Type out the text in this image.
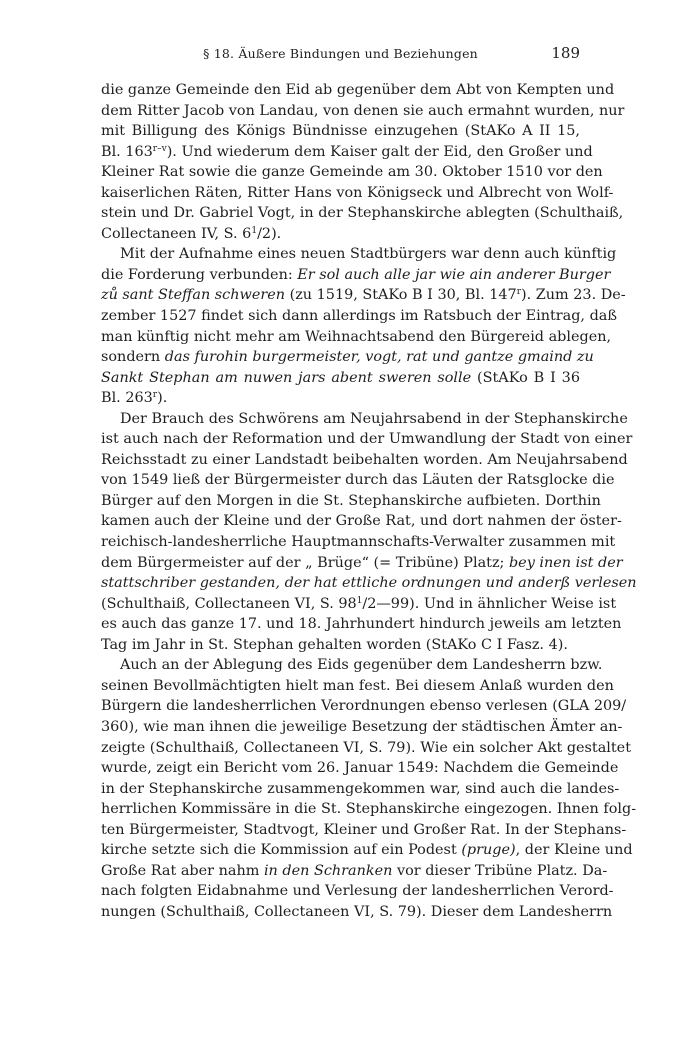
§ 18. Äußere Bindungen und Beziehungen	189

die ganze Gemeinde den Eid ab gegenüber dem Abt von Kempten und
dem Ritter Jacob von Landau, von denen sie auch ermahnt wurden, nur
mit Billigung des Königs Bündnisse einzugehen (StAKo A II 15,
Bl. 163$^{r-v}$). Und wiederum dem Kaiser galt der Eid, den Großer und
Kleiner Rat sowie die ganze Gemeinde am 30. Oktober 1510 vor den
kaiserlichen Räten, Ritter Hans von Königseck und Albrecht von Wolf-
stein und Dr. Gabriel Vogt, in der Stephanskirche ablegten (Schulthaiß,
Collectaneen IV, S. $6^1/2$).

Mit der Aufnahme eines neuen Stadtbürgers war denn auch künftig
die Forderung verbunden: Er sol auch alle jar wie ain anderer Burger
zů sant Steffan schweren (zu 1519, StAKo B I 30, Bl. 147$^r$). Zum 23. De-
zember 1527 findet sich dann allerdings im Ratsbuch der Eintrag, daß
man künftig nicht mehr am Weihnachtsabend den Bürgereid ablegen,
sondern das furohin burgermeister, vogt, rat und gantze gmaind zu
Sankt Stephan am nuwen jars abent sweren solle (StAKo B I 36
Bl. 263$^r$).

Der Brauch des Schwörens am Neujahrsabend in der Stephanskirche
ist auch nach der Reformation und der Umwandlung der Stadt von einer
Reichsstadt zu einer Landstadt beibehalten worden. Am Neujahrsabend
von 1549 ließ der Bürgermeister durch das Läuten der Ratsglocke die
Bürger auf den Morgen in die St. Stephanskirche aufbieten. Dorthin
kamen auch der Kleine und der Große Rat, und dort nahmen der öster-
reichisch-landesherrliche Hauptmannschafts-Verwalter zusammen mit
dem Bürgermeister auf der „ Brüge“ (= Tribüne) Platz; bey inen ist der
stattschriber gestanden, der hat ettliche ordnungen und anderß verlesen
(Schulthaiß, Collectaneen VI, S. $98^1/2—99$). Und in ähnlicher Weise ist
es auch das ganze 17. und 18. Jahrhundert hindurch jeweils am letzten
Tag im Jahr in St. Stephan gehalten worden (StAKo C I Fasz. 4).

Auch an der Ablegung des Eids gegenüber dem Landesherrn bzw.
seinen Bevollmächtigten hielt man fest. Bei diesem Anlaß wurden den
Bürgern die landesherrlichen Verordnungen ebenso verlesen (GLA 209/
360), wie man ihnen die jeweilige Besetzung der städtischen Ämter an-
zeigte (Schulthaiß, Collectaneen VI, S. 79). Wie ein solcher Akt gestaltet
wurde, zeigt ein Bericht vom 26. Januar 1549: Nachdem die Gemeinde
in der Stephanskirche zusammengekommen war, sind auch die landes-
herrlichen Kommissäre in die St. Stephanskirche eingezogen. Ihnen folg-
ten Bürgermeister, Stadtvogt, Kleiner und Großer Rat. In der Stephans-
kirche setzte sich die Kommission auf ein Podest (pruge), der Kleine und
Große Rat aber nahm in den Schranken vor dieser Tribüne Platz. Da-
nach folgten Eidabnahme und Verlesung der landesherrlichen Verord-
nungen (Schulthaiß, Collectaneen VI, S. 79). Dieser dem Landesherrn
